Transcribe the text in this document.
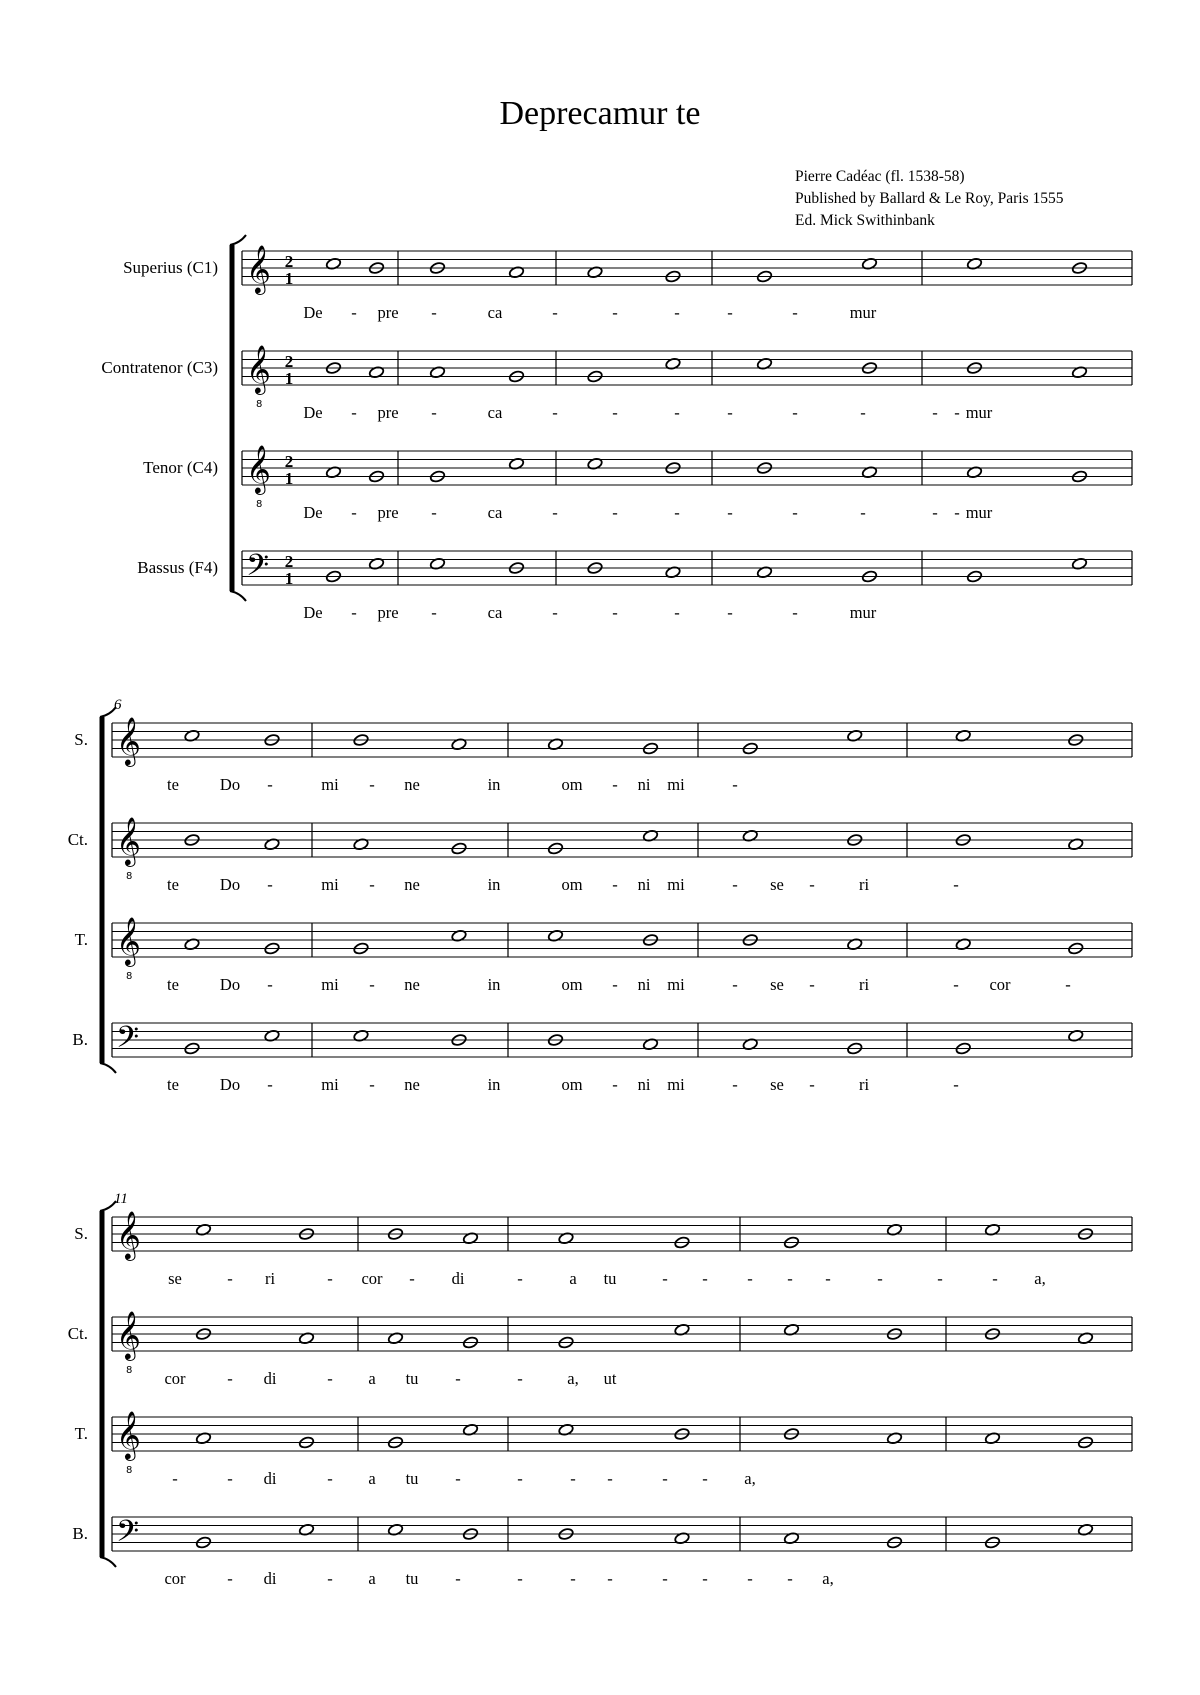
Deprecamur te
Pierre Cadéac (fl. 1538-58)
Published by Ballard & Le Roy, Paris 1555
Ed. Mick Swithinbank
𝄞 2
1
Superius (C1)
De - pre -	ca	-	-	-	-	-	mur
𝄞
8
2
1
Contratenor (C3)
De - pre -	ca	-	-	-	-	-	-	- - mur
𝄞
8
2
1
Tenor (C4)
De - pre -	ca	-	-	-	-	-	-	- - mur
𝄢 2
1
Bassus (F4)
De - pre -	ca	-	-	-	-	-	mur
6
𝄞
S.
te Do -	mi - ne	in	om - ni mi	-
𝄞
8
Ct.
te Do -	mi - ne	in	om - ni mi	- se -	ri	-
𝄞
8
T.
te Do -	mi - ne	in	om - ni mi	- se -	ri	- cor	-
𝄢
B.
te Do -	mi - ne	in	om - ni mi	- se -	ri	-
11
𝄞
S.
se	- ri	- cor - di	-	a tu	- - - - -	-	-	- a,
𝄞
8
Ct.
cor	- di	- a tu -	-	a, ut
𝄞
8
T.
-	- di	- a tu -	-	- -	- - a,
𝄢
B.
cor	- di	- a tu -	-	- -	- - - - a,
